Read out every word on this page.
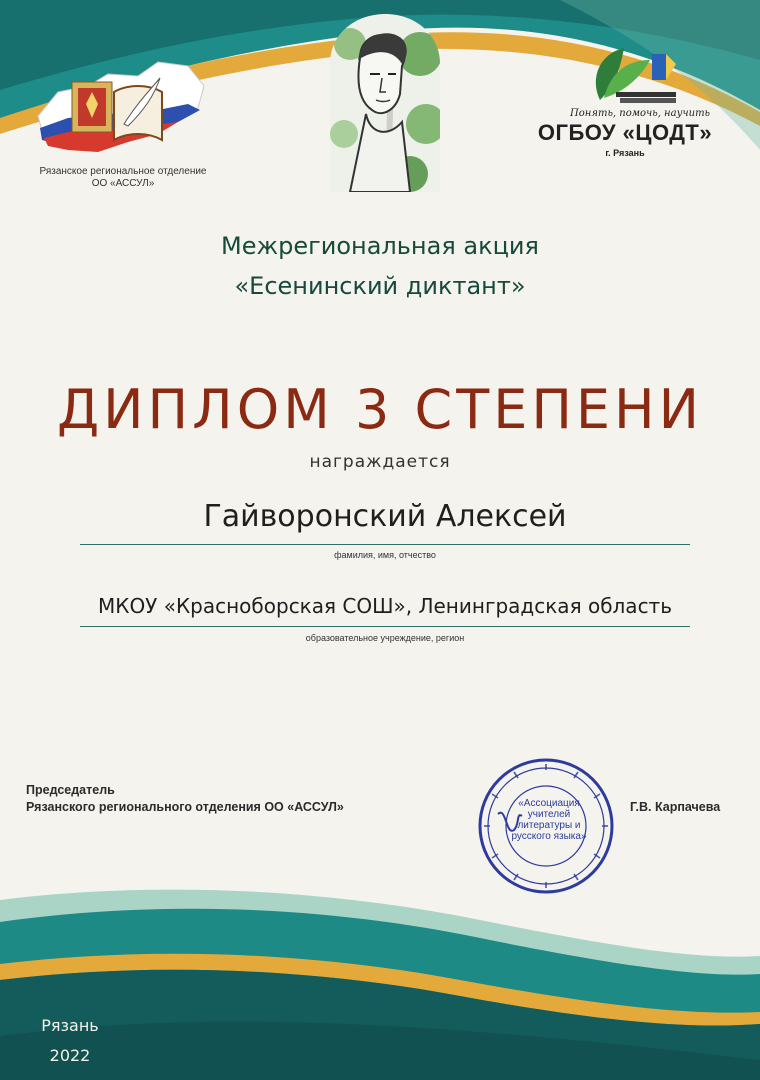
Рязанское региональное отделение
ОО «АССУЛ»
Понять, помочь, научить
ОГБОУ «ЦОДТ»
г. Рязань
Межрегиональная акция
«Есенинский диктант»
ДИПЛОМ 3 СТЕПЕНИ
награждается
Гайворонский Алексей
фамилия, имя, отчество
МКОУ «Красноборская СОШ», Ленинградская область
образовательное учреждение, регион
Председатель
Рязанского регионального отделения ОО «АССУЛ»	«Ассоциация учителей литературы и русского языка»
Г.В. Карпачева
Рязань
2022
